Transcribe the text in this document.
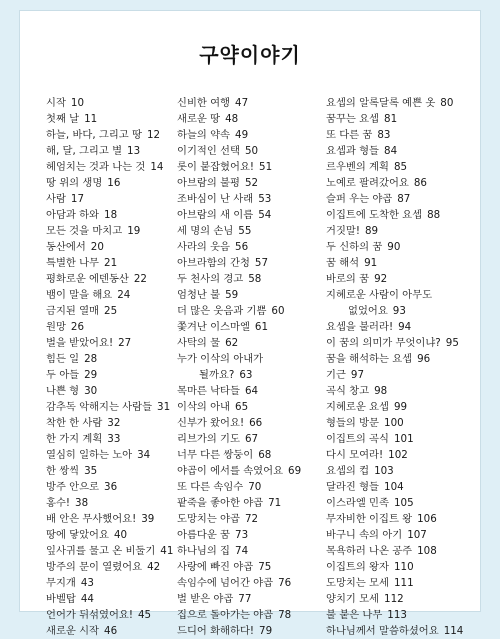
구약이야기
시작 10
첫째 날 11
하늘, 바다, 그리고 땅 12
해, 달, 그리고 별 13
헤엄치는 것과 나는 것 14
땅 위의 생명 16
사람 17
아담과 하와 18
모든 것을 마치고 19
동산에서 20
특별한 나무 21
평화로운 에덴동산 22
뱀이 말을 해요 24
금지된 열매 25
원망 26
벌을 받았어요! 27
힘든 일 28
두 아들 29
나쁜 형 30
감추독 악해지는 사람들 31
착한 한 사람 32
한 가지 계획 33
열심히 일하는 노아 34
한 쌍씩 35
방주 안으로 36
홍수! 38
배 안은 무사했어요! 39
땅에 닿았어요 40
잎사귀를 물고 온 비둘기 41
방주의 문이 열렸어요 42
무지개 43
바벨탑 44
언어가 뒤섞였어요! 45
새로운 시작 46
신비한 여행 47
새로운 땅 48
하늘의 약속 49
이기적인 선택 50
롯이 붙잡혔어요! 51
아브람의 불평 52
조바심이 난 사래 53
아브람의 새 이름 54
세 명의 손님 55
사라의 웃음 56
아브라함의 간청 57
두 천사의 경고 58
엄청난 불 59
더 많은 웃음과 기쁨 60
쫓겨난 이스마엘 61
사탁의 물 62
누가 이삭의 아내가
될까요? 63
목마른 낙타들 64
이삭의 아내 65
신부가 왔어요! 66
리브가의 기도 67
너무 다른 쌍둥이 68
야곱이 에서를 속였어요 69
또 다른 속임수 70
팥죽을 좋아한 야곱 71
도망치는 야곱 72
아름다운 꿈 73
하나님의 집 74
사랑에 빠진 야곱 75
속임수에 넘어간 야곱 76
벌 받은 야곱 77
집으로 돌아가는 야곱 78
드디어 화해하다! 79
요셉의 알록달록 예쁜 옷 80
꿈꾸는 요셉 81
또 다른 꿈 83
요셉과 형들 84
르우벤의 계획 85
노예로 팔려갔어요 86
슬퍼 우는 야곱 87
이집트에 도착한 요셉 88
거짓말! 89
두 신하의 꿈 90
꿈 해석 91
바로의 꿈 92
지혜로운 사람이 아무도
없었어요 93
요셉을 불러라! 94
이 꿈의 의미가 무엇이냐? 95
꿈을 해석하는 요셉 96
기근 97
곡식 창고 98
지혜로운 요셉 99
형들의 방문 100
이집트의 곡식 101
다시 모여라! 102
요셉의 컵 103
달라진 형들 104
이스라엘 민족 105
무자비한 이집트 왕 106
바구니 속의 아기 107
목욕하러 나온 공주 108
이집트의 왕자 110
도망치는 모세 111
양치기 모세 112
불 붙은 나무 113
하나님께서 말씀하셨어요 114
